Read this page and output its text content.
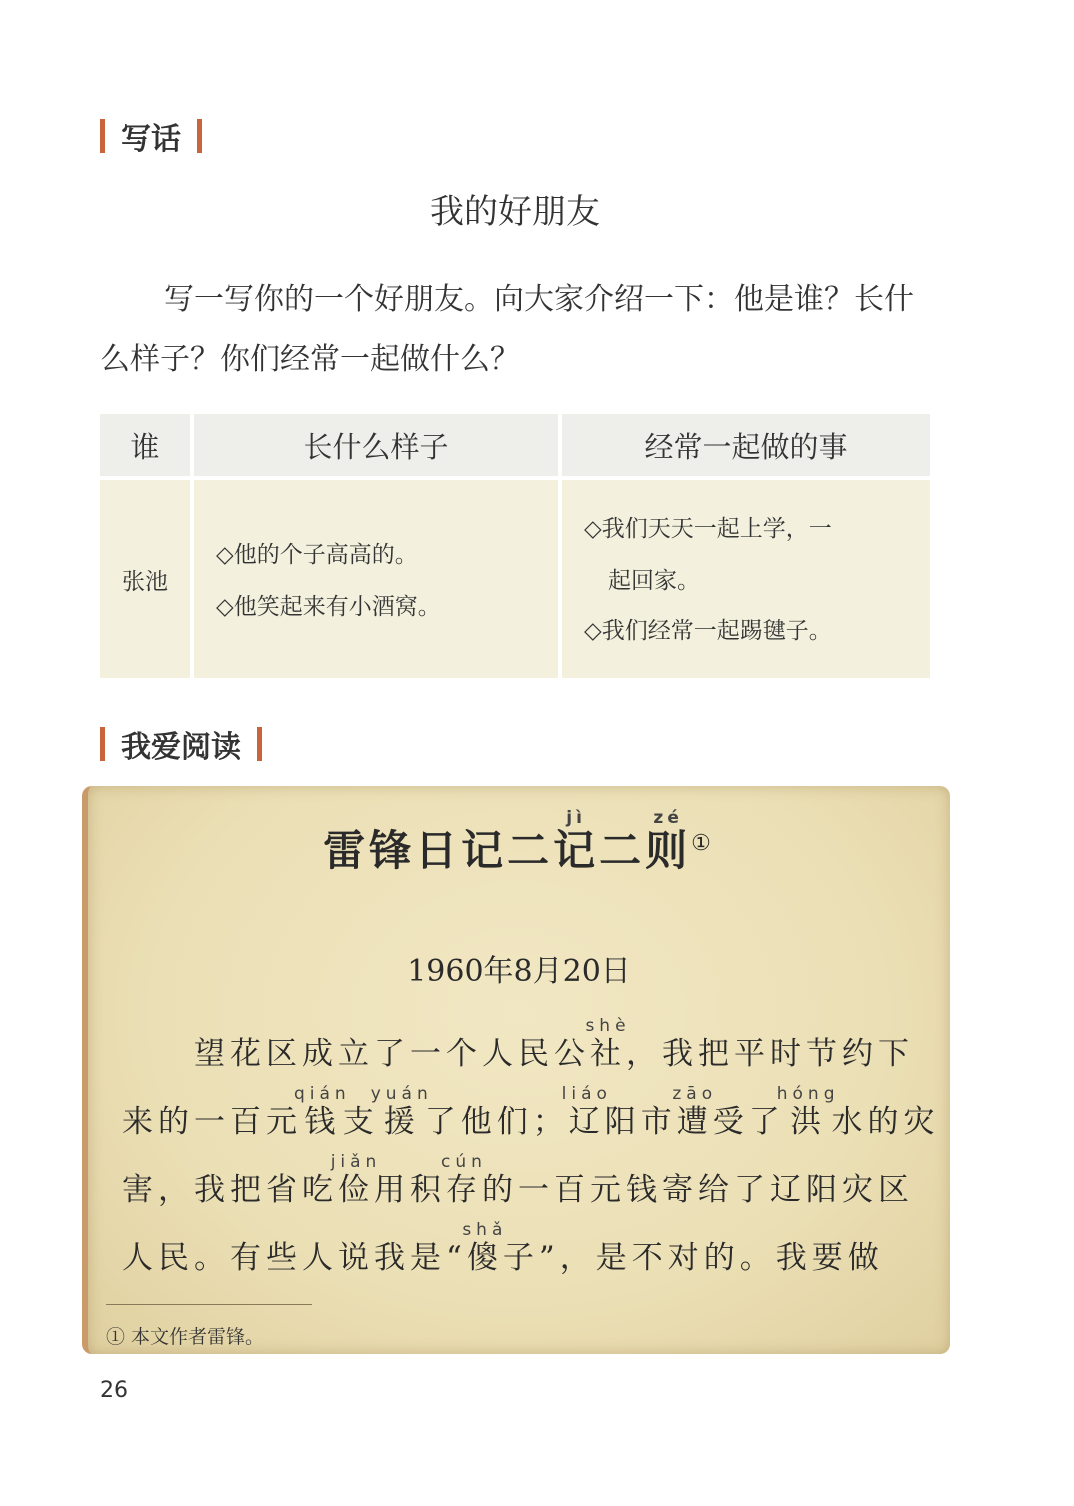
写话
我的好朋友

写一写你的一个好朋友。向大家介绍一下：他是谁？长什么样子？你们经常一起做什么？

谁	长什么样子	经常一起做的事
张池
◇他的个子高高的。
◇他笑起来有小酒窝。
◇我们天天一起上学，一
起回家。
◇我们经常一起踢毽子。
我爱阅读
雷锋日记二记jì二则zé①
1960年8月20日
望花区成立了一个人民公社shè，我把平时节约下
来的一百元钱qián支援yuán了他们；辽liáo阳市遭zāo受了洪hóng水的灾
害，我把省吃俭jiǎn用积存cún的一百元钱寄给了辽阳灾区
人民。有些人说我是“傻shǎ子”，是不对的。我要做
① 本文作者雷锋。
26
